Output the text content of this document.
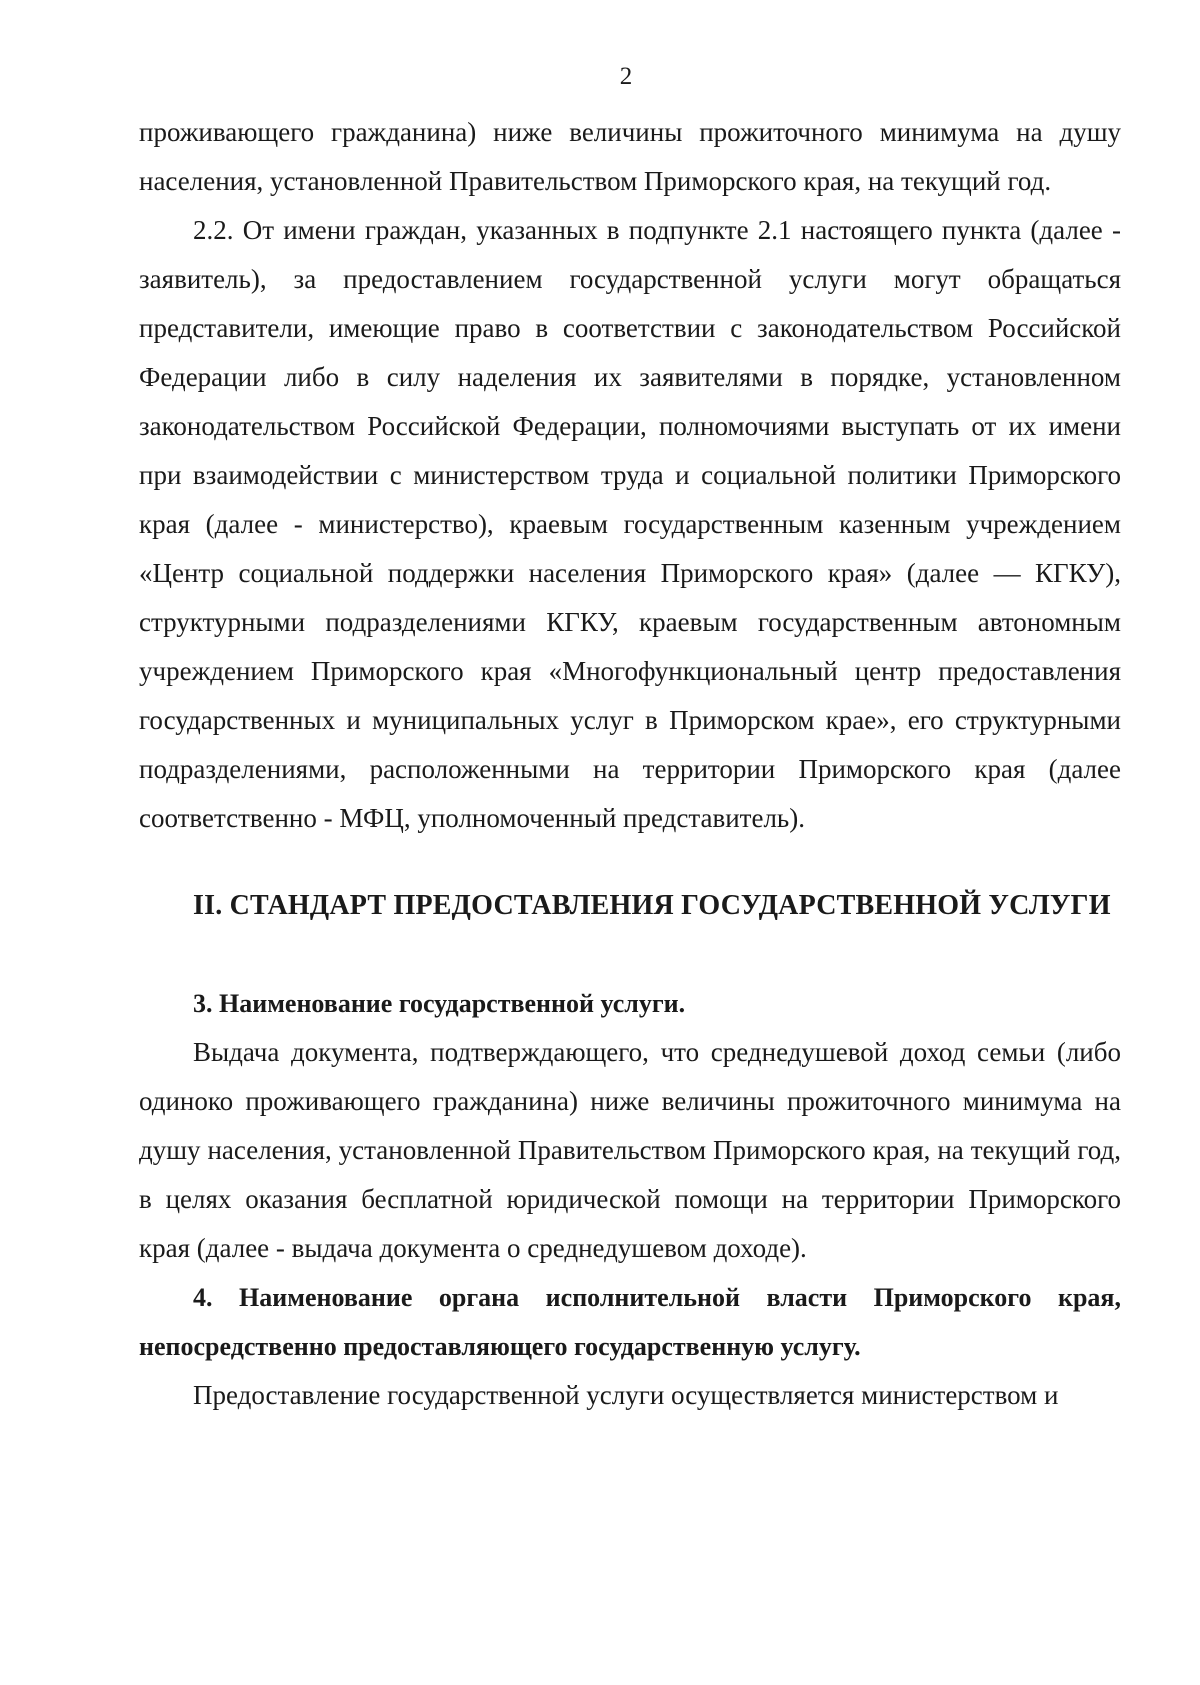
2

проживающего гражданина) ниже величины прожиточного минимума на душу населения, установленной Правительством Приморского края, на текущий год.

2.2. От имени граждан, указанных в подпункте 2.1 настоящего пункта (далее - заявитель), за предоставлением государственной услуги могут обращаться представители, имеющие право в соответствии с законодательством Российской Федерации либо в силу наделения их заявителями в порядке, установленном законодательством Российской Федерации, полномочиями выступать от их имени при взаимодействии с министерством труда и социальной политики Приморского края (далее - министерство), краевым государственным казенным учреждением «Центр социальной поддержки населения Приморского края» (далее — КГКУ), структурными подразделениями КГКУ, краевым государственным автономным учреждением Приморского края «Многофункциональный центр предоставления государственных и муниципальных услуг в Приморском крае», его структурными подразделениями, расположенными на территории Приморского края (далее соответственно - МФЦ, уполномоченный представитель).

II. СТАНДАРТ ПРЕДОСТАВЛЕНИЯ ГОСУДАРСТВЕННОЙ УСЛУГИ

3. Наименование государственной услуги.

Выдача документа, подтверждающего, что среднедушевой доход семьи (либо одиноко проживающего гражданина) ниже величины прожиточного минимума на душу населения, установленной Правительством Приморского края, на текущий год, в целях оказания бесплатной юридической помощи на территории Приморского края (далее - выдача документа о среднедушевом доходе).

4. Наименование органа исполнительной власти Приморского края, непосредственно предоставляющего государственную услугу.

Предоставление государственной услуги осуществляется министерством и
